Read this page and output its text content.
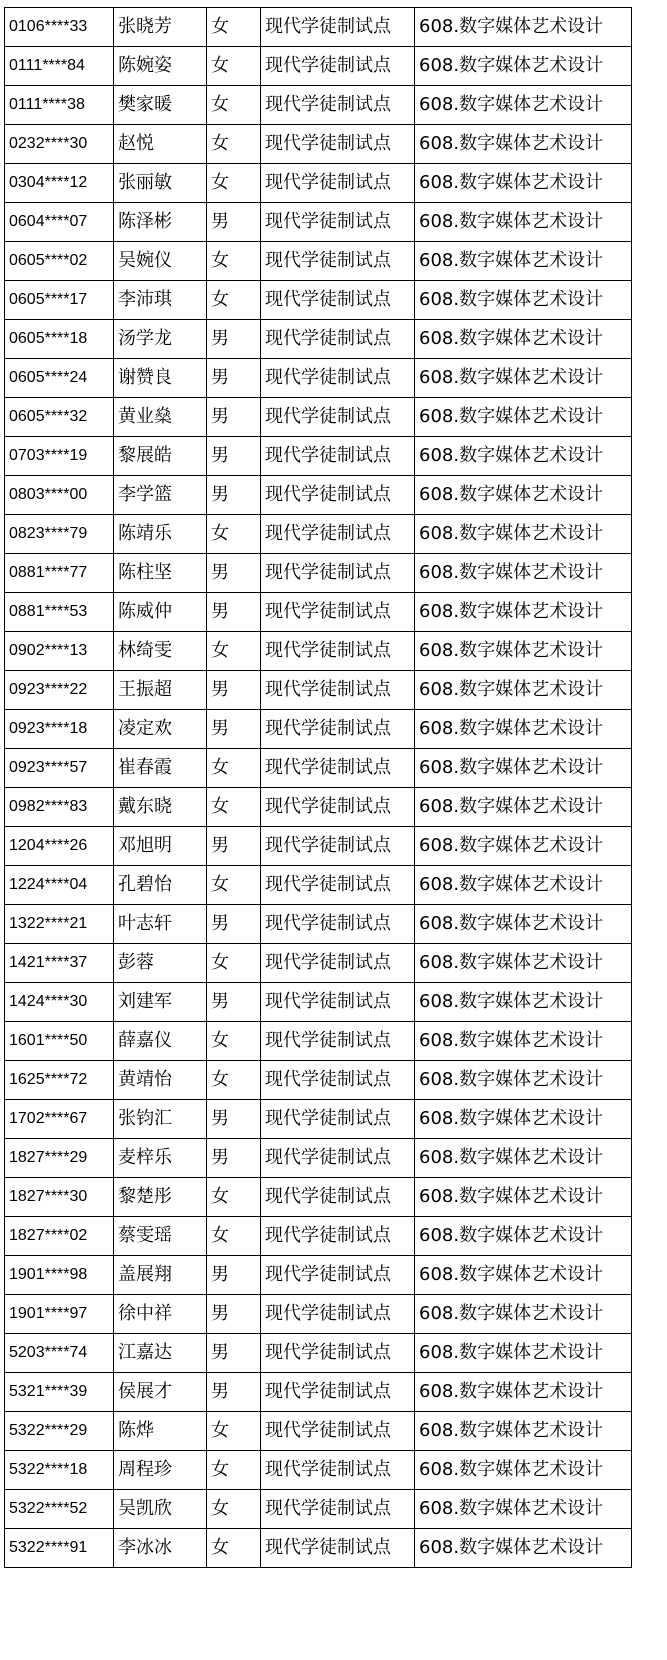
0106****33	张晓芳	女	现代学徒制试点	608.数字媒体艺术设计
0111****84	陈婉姿	女	现代学徒制试点	608.数字媒体艺术设计
0111****38	樊家暖	女	现代学徒制试点	608.数字媒体艺术设计
0232****30	赵悦	女	现代学徒制试点	608.数字媒体艺术设计
0304****12	张丽敏	女	现代学徒制试点	608.数字媒体艺术设计
0604****07	陈泽彬	男	现代学徒制试点	608.数字媒体艺术设计
0605****02	吴婉仪	女	现代学徒制试点	608.数字媒体艺术设计
0605****17	李沛琪	女	现代学徒制试点	608.数字媒体艺术设计
0605****18	汤学龙	男	现代学徒制试点	608.数字媒体艺术设计
0605****24	谢赞良	男	现代学徒制试点	608.数字媒体艺术设计
0605****32	黄业燊	男	现代学徒制试点	608.数字媒体艺术设计
0703****19	黎展皓	男	现代学徒制试点	608.数字媒体艺术设计
0803****00	李学篮	男	现代学徒制试点	608.数字媒体艺术设计
0823****79	陈靖乐	女	现代学徒制试点	608.数字媒体艺术设计
0881****77	陈柱坚	男	现代学徒制试点	608.数字媒体艺术设计
0881****53	陈威仲	男	现代学徒制试点	608.数字媒体艺术设计
0902****13	林绮雯	女	现代学徒制试点	608.数字媒体艺术设计
0923****22	王振超	男	现代学徒制试点	608.数字媒体艺术设计
0923****18	凌定欢	男	现代学徒制试点	608.数字媒体艺术设计
0923****57	崔春霞	女	现代学徒制试点	608.数字媒体艺术设计
0982****83	戴东晓	女	现代学徒制试点	608.数字媒体艺术设计
1204****26	邓旭明	男	现代学徒制试点	608.数字媒体艺术设计
1224****04	孔碧怡	女	现代学徒制试点	608.数字媒体艺术设计
1322****21	叶志轩	男	现代学徒制试点	608.数字媒体艺术设计
1421****37	彭蓉	女	现代学徒制试点	608.数字媒体艺术设计
1424****30	刘建军	男	现代学徒制试点	608.数字媒体艺术设计
1601****50	薛嘉仪	女	现代学徒制试点	608.数字媒体艺术设计
1625****72	黄靖怡	女	现代学徒制试点	608.数字媒体艺术设计
1702****67	张钧汇	男	现代学徒制试点	608.数字媒体艺术设计
1827****29	麦梓乐	男	现代学徒制试点	608.数字媒体艺术设计
1827****30	黎楚彤	女	现代学徒制试点	608.数字媒体艺术设计
1827****02	蔡雯瑶	女	现代学徒制试点	608.数字媒体艺术设计
1901****98	盖展翔	男	现代学徒制试点	608.数字媒体艺术设计
1901****97	徐中祥	男	现代学徒制试点	608.数字媒体艺术设计
5203****74	江嘉达	男	现代学徒制试点	608.数字媒体艺术设计
5321****39	侯展才	男	现代学徒制试点	608.数字媒体艺术设计
5322****29	陈烨	女	现代学徒制试点	608.数字媒体艺术设计
5322****18	周程珍	女	现代学徒制试点	608.数字媒体艺术设计
5322****52	吴凯欣	女	现代学徒制试点	608.数字媒体艺术设计
5322****91	李冰冰	女	现代学徒制试点	608.数字媒体艺术设计
